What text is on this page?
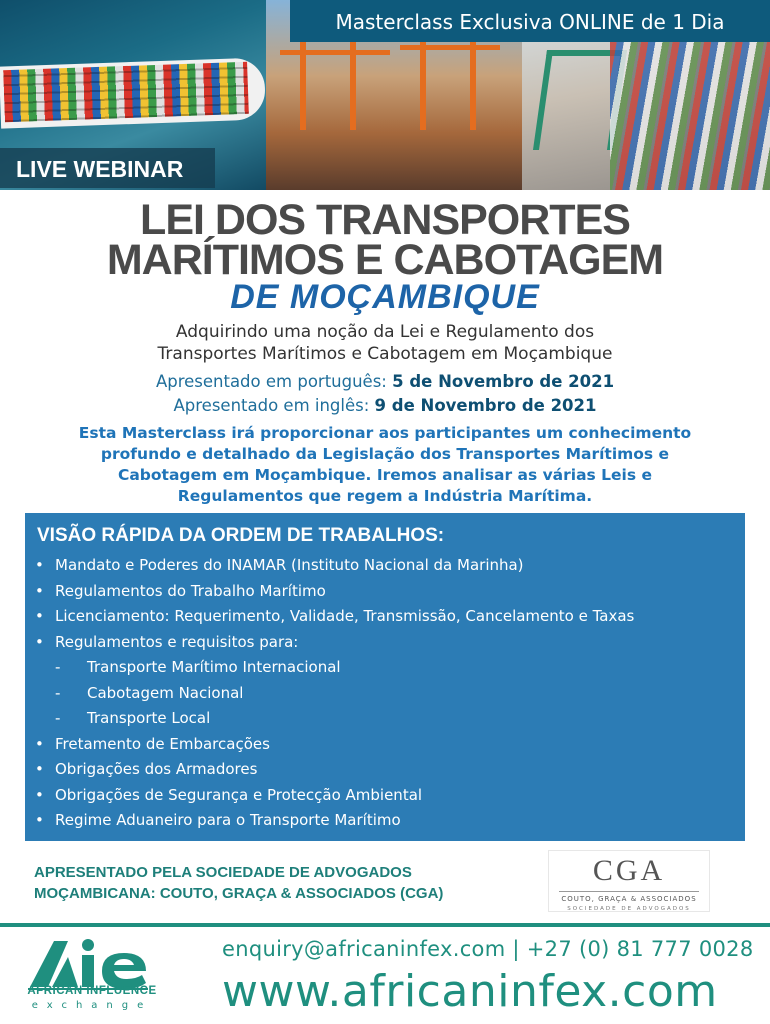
Masterclass Exclusiva ONLINE de 1 Dia
LIVE WEBINAR
LEI DOS TRANSPORTES
MARÍTIMOS E CABOTAGEM
DE MOÇAMBIQUE
Adquirindo uma noção da Lei e Regulamento dos
Transportes Marítimos e Cabotagem em Moçambique
Apresentado em português: 5 de Novembro de 2021
Apresentado em inglês: 9 de Novembro de 2021
Esta Masterclass irá proporcionar aos participantes um conhecimento profundo e detalhado da Legislação dos Transportes Marítimos e Cabotagem em Moçambique. Iremos analisar as várias Leis e Regulamentos que regem a Indústria Marítima.
VISÃO RÁPIDA DA ORDEM DE TRABALHOS:
• Mandato e Poderes do INAMAR (Instituto Nacional da Marinha)
• Regulamentos do Trabalho Marítimo
• Licenciamento: Requerimento, Validade, Transmissão, Cancelamento e Taxas
• Regulamentos e requisitos para:
- Transporte Marítimo Internacional
- Cabotagem Nacional
- Transporte Local
• Fretamento de Embarcações
• Obrigações dos Armadores
• Obrigações de Segurança e Protecção Ambiental
• Regime Aduaneiro para o Transporte Marítimo
APRESENTADO PELA SOCIEDADE DE ADVOGADOS
MOÇAMBICANA: COUTO, GRAÇA & ASSOCIADOS (CGA)
CGA
COUTO, GRAÇA & ASSOCIADOS
SOCIEDADE DE ADVOGADOS
AFRICAN INFLUENCE
exchange
enquiry@africaninfex.com | +27 (0) 81 777 0028
www.africaninfex.com
